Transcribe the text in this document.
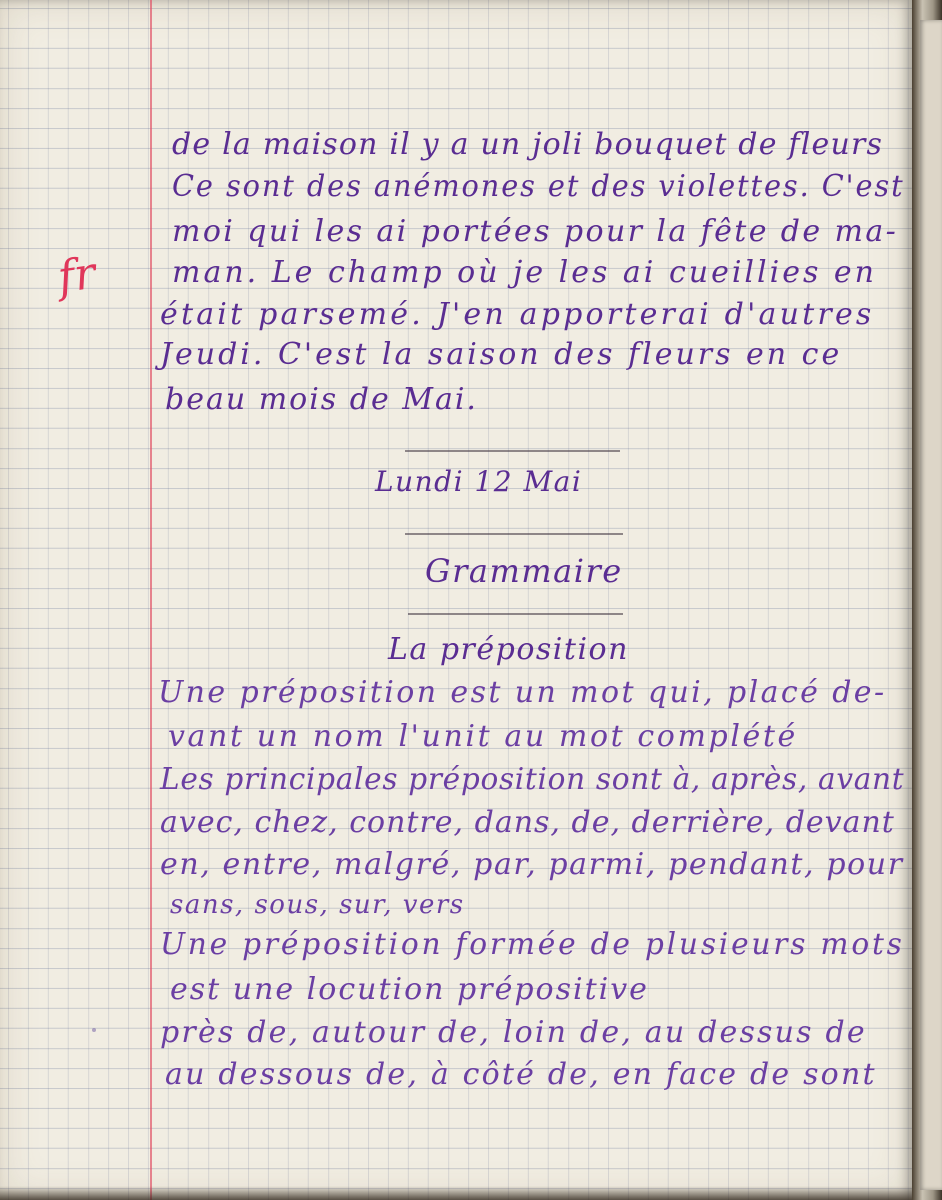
fr

de la maison il y a un joli bouquet de fleurs

Ce sont des anémones et des violettes. C'est

moi qui les ai portées pour la fête de ma-

man. Le champ où je les ai cueillies en

était parsemé. J'en apporterai d'autres

Jeudi. C'est la saison des fleurs en ce

beau mois de Mai.

Lundi 12 Mai

Grammaire

La préposition

Une préposition est un mot qui, placé de-

vant un nom l'unit au mot complété

Les principales préposition sont à, après, avant

avec, chez, contre, dans, de, derrière, devant

en, entre, malgré, par, parmi, pendant, pour

sans, sous, sur, vers

Une préposition formée de plusieurs mots

est une locution prépositive

près de, autour de, loin de, au dessus de

au dessous de, à côté de, en face de sont
